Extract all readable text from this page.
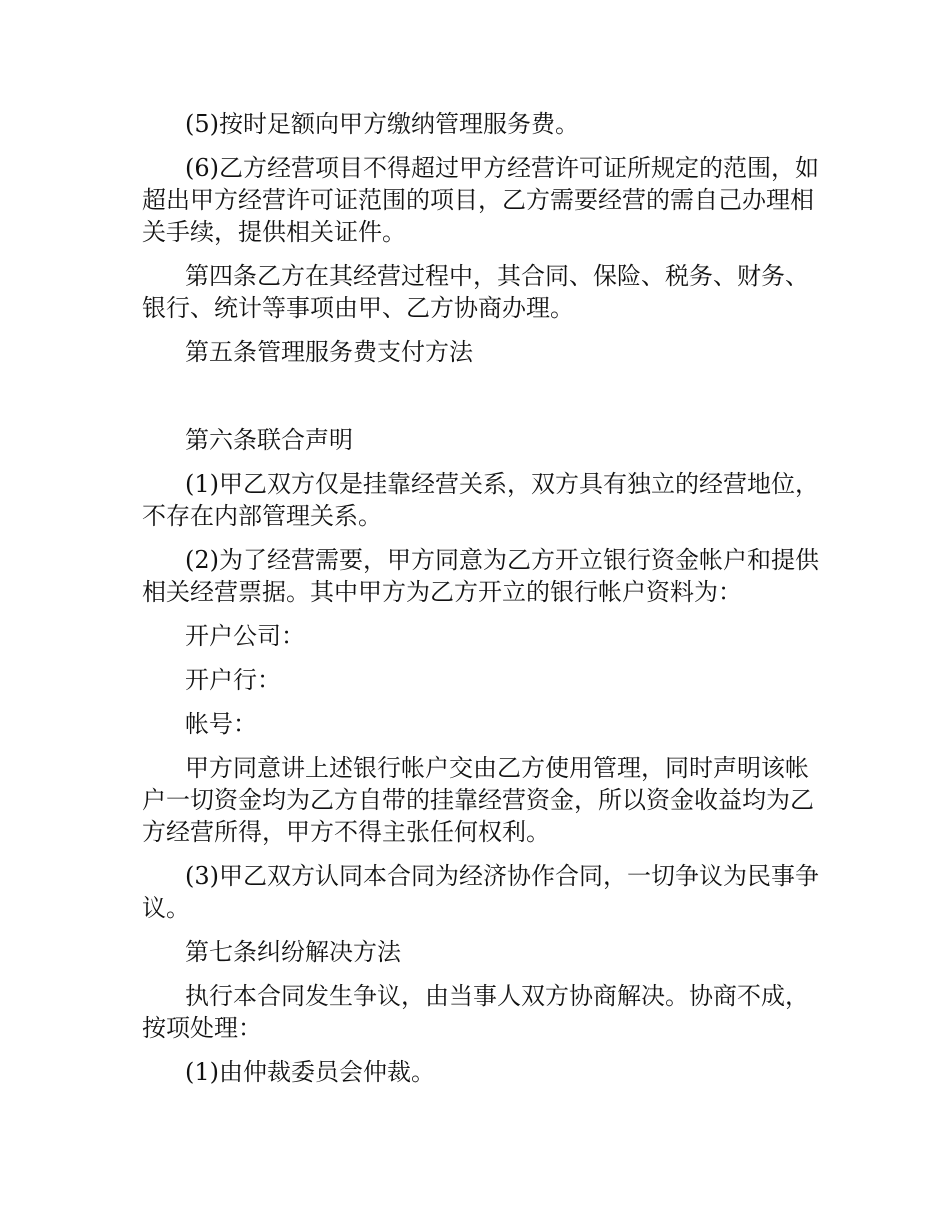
(5)按时足额向甲方缴纳管理服务费。

(6)乙方经营项目不得超过甲方经营许可证所规定的范围，如超出甲方经营许可证范围的项目，乙方需要经营的需自己办理相关手续，提供相关证件。

第四条乙方在其经营过程中，其合同、保险、税务、财务、银行、统计等事项由甲、乙方协商办理。

第五条管理服务费支付方法

第六条联合声明

(1)甲乙双方仅是挂靠经营关系，双方具有独立的经营地位，不存在内部管理关系。

(2)为了经营需要，甲方同意为乙方开立银行资金帐户和提供相关经营票据。其中甲方为乙方开立的银行帐户资料为：

开户公司：

开户行：

帐号：

甲方同意讲上述银行帐户交由乙方使用管理，同时声明该帐户一切资金均为乙方自带的挂靠经营资金，所以资金收益均为乙方经营所得，甲方不得主张任何权利。

(3)甲乙双方认同本合同为经济协作合同，一切争议为民事争议。

第七条纠纷解决方法

执行本合同发生争议，由当事人双方协商解决。协商不成，按项处理：

(1)由仲裁委员会仲裁。
